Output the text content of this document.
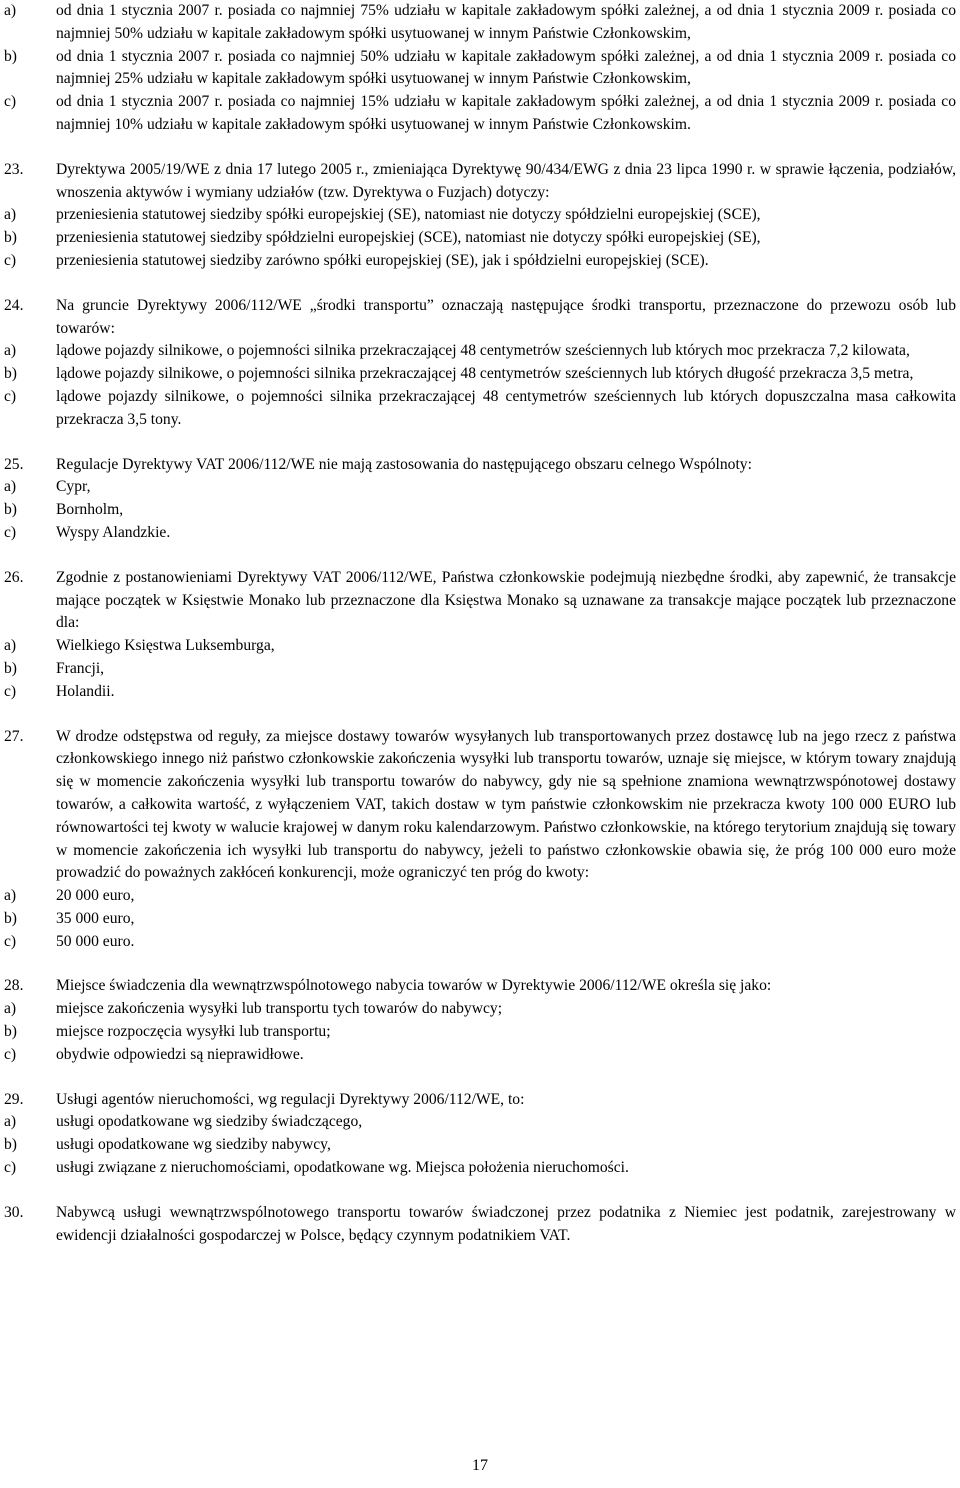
a)	od dnia 1 stycznia 2007 r. posiada co najmniej 75% udziału w kapitale zakładowym spółki zależnej, a od dnia 1 stycznia 2009 r. posiada co najmniej 50% udziału w kapitale zakładowym spółki usytuowanej w innym Państwie Członkowskim,
b)	od dnia 1 stycznia 2007 r. posiada co najmniej 50% udziału w kapitale zakładowym spółki zależnej, a od dnia 1 stycznia 2009 r. posiada co najmniej 25% udziału w kapitale zakładowym spółki usytuowanej w innym Państwie Członkowskim,
c)	od dnia 1 stycznia 2007 r. posiada co najmniej 15% udziału w kapitale zakładowym spółki zależnej, a od dnia 1 stycznia 2009 r. posiada co najmniej 10% udziału w kapitale zakładowym spółki usytuowanej w innym Państwie Członkowskim.
23.	Dyrektywa 2005/19/WE z dnia 17 lutego 2005 r., zmieniająca Dyrektywę 90/434/EWG z dnia 23 lipca 1990 r. w sprawie łączenia, podziałów, wnoszenia aktywów i wymiany udziałów (tzw. Dyrektywa o Fuzjach) dotyczy:
a)	przeniesienia statutowej siedziby spółki europejskiej (SE), natomiast nie dotyczy spółdzielni europejskiej (SCE),
b)	przeniesienia statutowej siedziby spółdzielni europejskiej (SCE), natomiast nie dotyczy spółki europejskiej (SE),
c)	przeniesienia statutowej siedziby zarówno spółki europejskiej (SE), jak i spółdzielni europejskiej (SCE).
24.	Na gruncie Dyrektywy 2006/112/WE „środki transportu” oznaczają następujące środki transportu, przeznaczone do przewozu osób lub towarów:
a)	lądowe pojazdy silnikowe, o pojemności silnika przekraczającej 48 centymetrów sześciennych lub których moc przekracza 7,2 kilowata,
b)	lądowe pojazdy silnikowe, o pojemności silnika przekraczającej 48 centymetrów sześciennych lub których długość przekracza 3,5 metra,
c)	lądowe pojazdy silnikowe, o pojemności silnika przekraczającej 48 centymetrów sześciennych lub których dopuszczalna masa całkowita przekracza 3,5 tony.
25.	Regulacje Dyrektywy VAT 2006/112/WE nie mają zastosowania do następującego obszaru celnego Wspólnoty:
a)	Cypr,
b)	Bornholm,
c)	Wyspy Alandzkie.
26.	Zgodnie z postanowieniami Dyrektywy VAT 2006/112/WE, Państwa członkowskie podejmują niezbędne środki, aby zapewnić, że transakcje mające początek w Księstwie Monako lub przeznaczone dla Księstwa Monako są uznawane za transakcje mające początek lub przeznaczone dla:
a)	Wielkiego Księstwa Luksemburga,
b)	Francji,
c)	Holandii.
27.	W drodze odstępstwa od reguły, za miejsce dostawy towarów wysyłanych lub transportowanych przez dostawcę lub na jego rzecz z państwa członkowskiego innego niż państwo członkowskie zakończenia wysyłki lub transportu towarów, uznaje się miejsce, w którym towary znajdują się w momencie zakończenia wysyłki lub transportu towarów do nabywcy, gdy nie są spełnione znamiona wewnątrzwspónotowej dostawy towarów, a całkowita wartość, z wyłączeniem VAT, takich dostaw w tym państwie członkowskim nie przekracza kwoty 100 000 EURO lub równowartości tej kwoty w walucie krajowej w danym roku kalendarzowym. Państwo członkowskie, na którego terytorium znajdują się towary w momencie zakończenia ich wysyłki lub transportu do nabywcy, jeżeli to państwo członkowskie obawia się, że próg 100 000 euro może prowadzić do poważnych zakłóceń konkurencji, może ograniczyć ten próg do kwoty:
a)	20 000 euro,
b)	35 000 euro,
c)	50 000 euro.
28.	Miejsce świadczenia dla wewnątrzwspólnotowego nabycia towarów w Dyrektywie 2006/112/WE określa się jako:
a)	miejsce zakończenia wysyłki lub transportu tych towarów do nabywcy;
b)	miejsce rozpoczęcia wysyłki lub transportu;
c)	obydwie odpowiedzi są nieprawidłowe.
29.	Usługi agentów nieruchomości, wg regulacji Dyrektywy 2006/112/WE, to:
a)	usługi opodatkowane wg siedziby świadczącego,
b)	usługi opodatkowane wg siedziby nabywcy,
c)	usługi związane z nieruchomościami, opodatkowane wg. Miejsca położenia nieruchomości.
30.	Nabywcą usługi wewnątrzwspólnotowego transportu towarów świadczonej przez podatnika z Niemiec jest podatnik, zarejestrowany w ewidencji działalności gospodarczej w Polsce, będący czynnym podatnikiem VAT.
17
